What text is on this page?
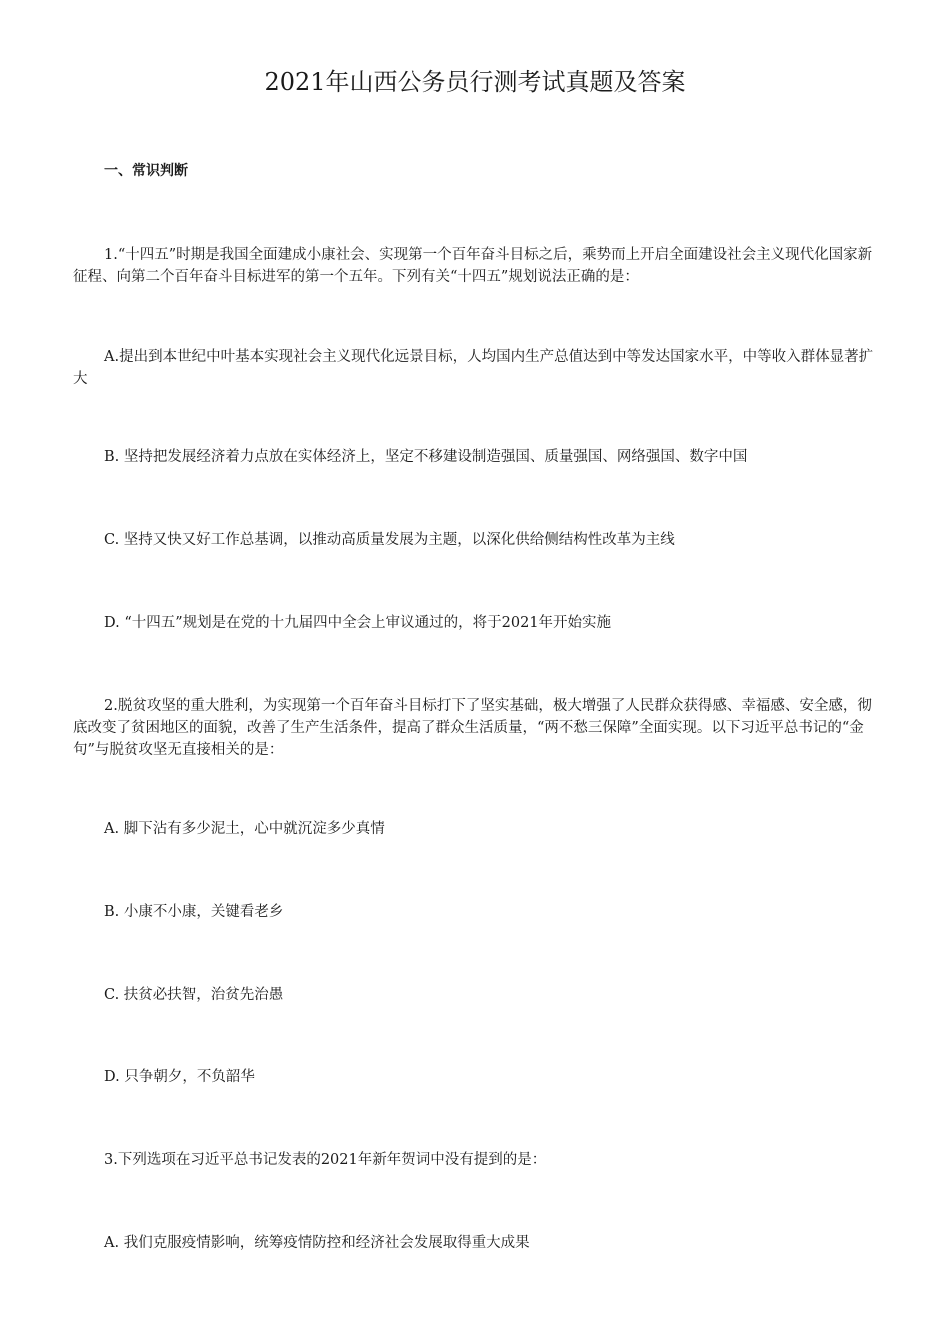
2021年山西公务员行测考试真题及答案
一、常识判断

1.“十四五”时期是我国全面建成小康社会、实现第一个百年奋斗目标之后，乘势而上开启全面建设社会主义现代化国家新征程、向第二个百年奋斗目标进军的第一个五年。下列有关“十四五”规划说法正确的是：

A.提出到本世纪中叶基本实现社会主义现代化远景目标，人均国内生产总值达到中等发达国家水平，中等收入群体显著扩大

B. 坚持把发展经济着力点放在实体经济上，坚定不移建设制造强国、质量强国、网络强国、数字中国

C. 坚持又快又好工作总基调，以推动高质量发展为主题，以深化供给侧结构性改革为主线

D. “十四五”规划是在党的十九届四中全会上审议通过的，将于2021年开始实施

2.脱贫攻坚的重大胜利，为实现第一个百年奋斗目标打下了坚实基础，极大增强了人民群众获得感、幸福感、安全感，彻底改变了贫困地区的面貌，改善了生产生活条件，提高了群众生活质量，“两不愁三保障”全面实现。以下习近平总书记的“金句”与脱贫攻坚无直接相关的是：

A. 脚下沾有多少泥土，心中就沉淀多少真情

B. 小康不小康，关键看老乡

C. 扶贫必扶智，治贫先治愚

D. 只争朝夕，不负韶华

3.下列选项在习近平总书记发表的2021年新年贺词中没有提到的是：

A. 我们克服疫情影响，统筹疫情防控和经济社会发展取得重大成果
